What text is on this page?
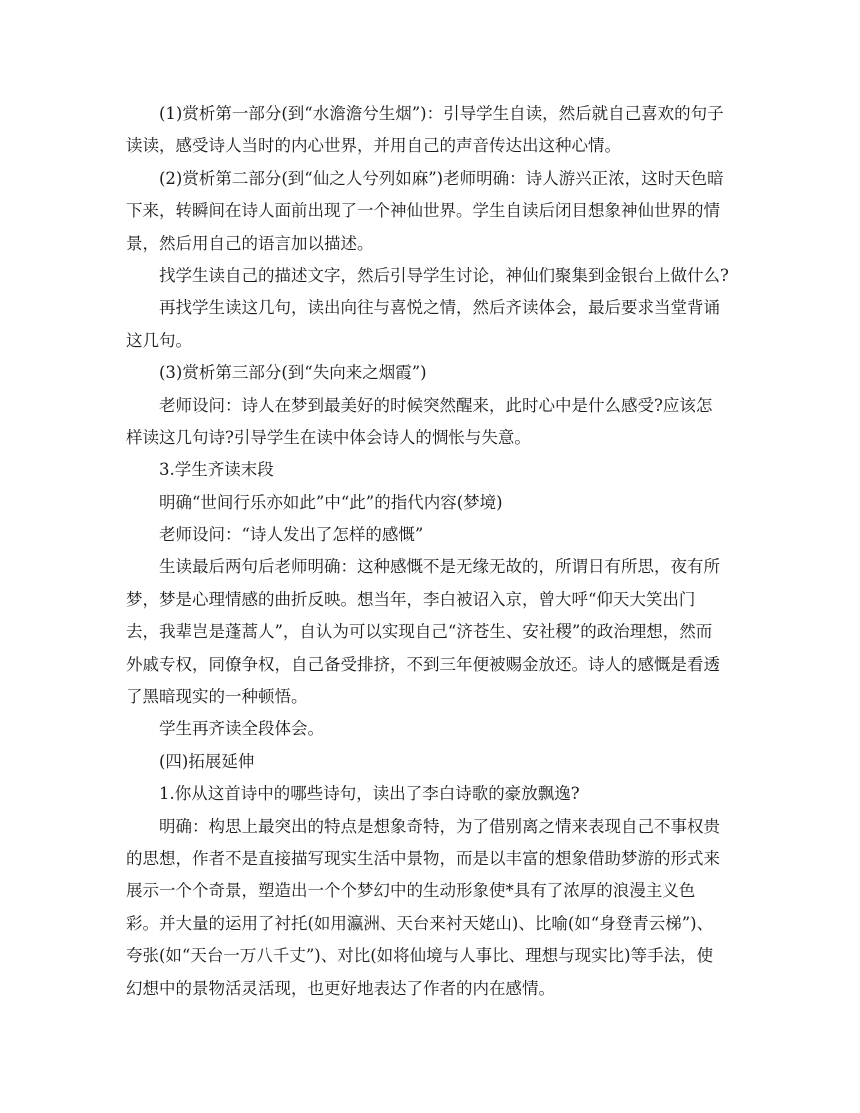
(1)赏析第一部分(到“水澹澹兮生烟”)：引导学生自读，然后就自己喜欢的句子
读读，感受诗人当时的内心世界，并用自己的声音传达出这种心情。
(2)赏析第二部分(到“仙之人兮列如麻”)老师明确：诗人游兴正浓，这时天色暗
下来，转瞬间在诗人面前出现了一个神仙世界。学生自读后闭目想象神仙世界的情
景，然后用自己的语言加以描述。
找学生读自己的描述文字，然后引导学生讨论，神仙们聚集到金银台上做什么?
再找学生读这几句，读出向往与喜悦之情，然后齐读体会，最后要求当堂背诵
这几句。
(3)赏析第三部分(到“失向来之烟霞”)
老师设问：诗人在梦到最美好的时候突然醒来，此时心中是什么感受?应该怎
样读这几句诗?引导学生在读中体会诗人的惆怅与失意。
3.学生齐读末段
明确“世间行乐亦如此”中“此”的指代内容(梦境)
老师设问：“诗人发出了怎样的感慨”
生读最后两句后老师明确：这种感慨不是无缘无故的，所谓日有所思，夜有所
梦，梦是心理情感的曲折反映。想当年，李白被诏入京，曾大呼“仰天大笑出门
去，我辈岂是蓬蒿人”，自认为可以实现自己“济苍生、安社稷”的政治理想，然而
外戚专权，同僚争权，自己备受排挤，不到三年便被赐金放还。诗人的感慨是看透
了黑暗现实的一种顿悟。
学生再齐读全段体会。
(四)拓展延伸
1.你从这首诗中的哪些诗句，读出了李白诗歌的豪放飘逸?
明确：构思上最突出的特点是想象奇特，为了借别离之情来表现自己不事权贵
的思想，作者不是直接描写现实生活中景物，而是以丰富的想象借助梦游的形式来
展示一个个奇景，塑造出一个个梦幻中的生动形象使*具有了浓厚的浪漫主义色
彩。并大量的运用了衬托(如用瀛洲、天台来衬天姥山)、比喻(如“身登青云梯”)、
夸张(如“天台一万八千丈”)、对比(如将仙境与人事比、理想与现实比)等手法，使
幻想中的景物活灵活现，也更好地表达了作者的内在感情。
